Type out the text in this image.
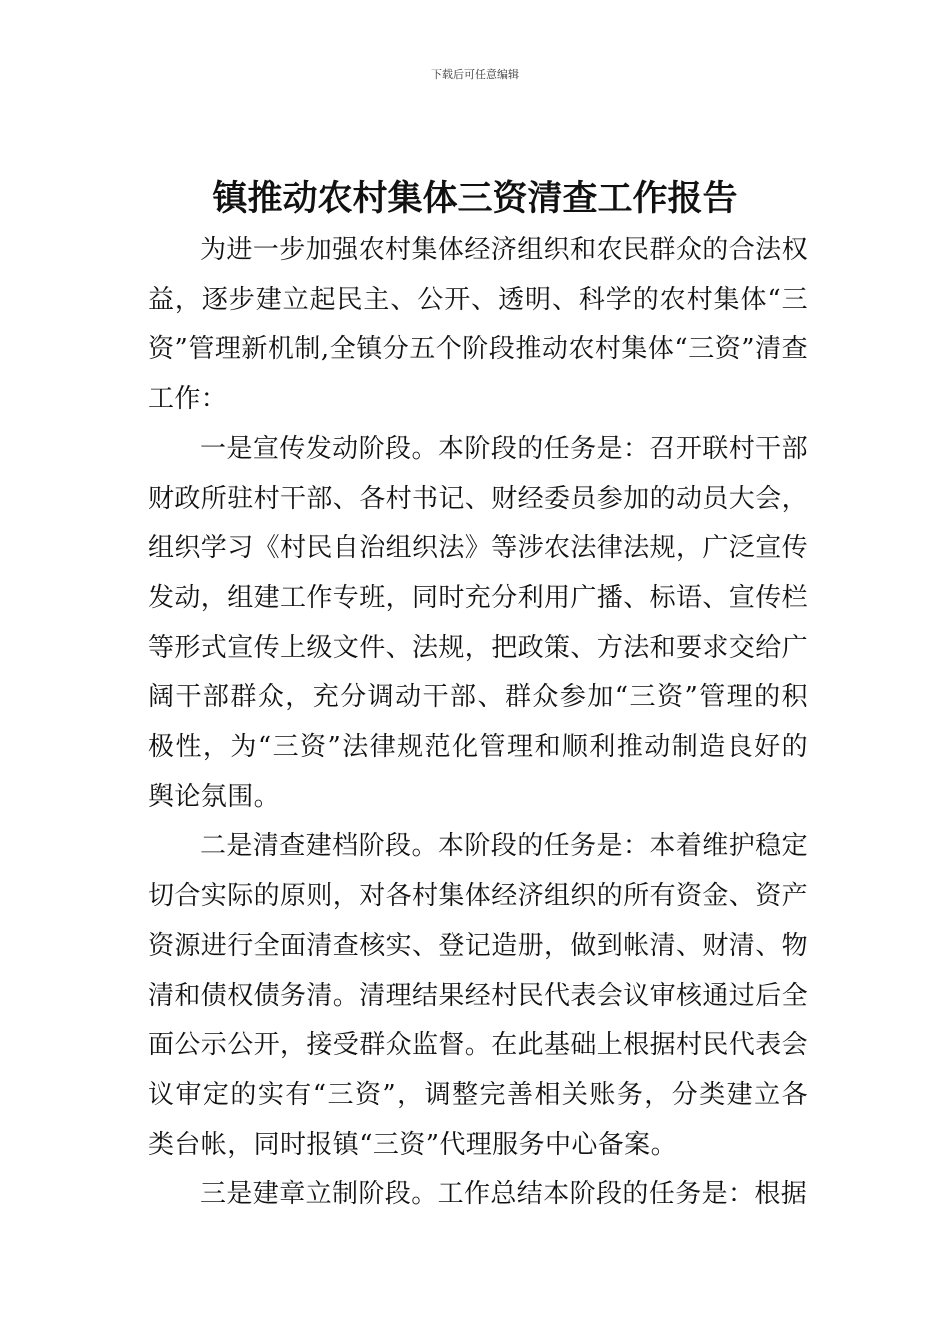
下载后可任意编辑
镇推动农村集体三资清查工作报告

为进一步加强农村集体经济组织和农民群众的合法权益，逐步建立起民主、公开、透明、科学的农村集体“三资”管理新机制,全镇分五个阶段推动农村集体“三资”清查工作：

一是宣传发动阶段。本阶段的任务是：召开联村干部财政所驻村干部、各村书记、财经委员参加的动员大会，组织学习《村民自治组织法》等涉农法律法规，广泛宣传发动，组建工作专班，同时充分利用广播、标语、宣传栏等形式宣传上级文件、法规，把政策、方法和要求交给广阔干部群众，充分调动干部、群众参加“三资”管理的积极性，为“三资”法律规范化管理和顺利推动制造良好的舆论氛围。

二是清查建档阶段。本阶段的任务是：本着维护稳定切合实际的原则，对各村集体经济组织的所有资金、资产资源进行全面清查核实、登记造册，做到帐清、财清、物清和债权债务清。清理结果经村民代表会议审核通过后全面公示公开，接受群众监督。在此基础上根据村民代表会议审定的实有“三资”，调整完善相关账务，分类建立各类台帐，同时报镇“三资”代理服务中心备案。

三是建章立制阶段。工作总结本阶段的任务是：根据
